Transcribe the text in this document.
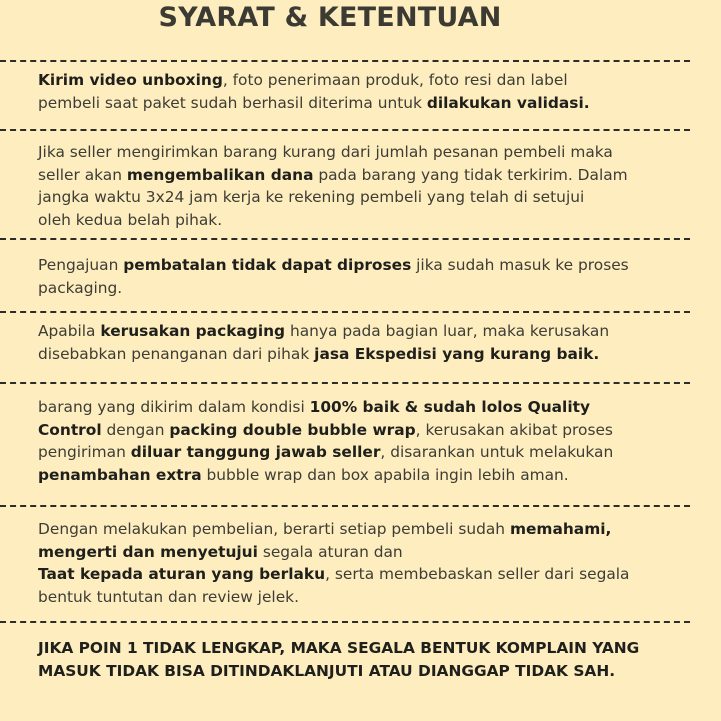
SYARAT & KETENTUAN
Kirim video unboxing, foto penerimaan produk, foto resi dan label
pembeli saat paket sudah berhasil diterima untuk dilakukan validasi.
Jika seller mengirimkan barang kurang dari jumlah pesanan pembeli maka
seller akan mengembalikan dana pada barang yang tidak terkirim. Dalam
jangka waktu 3x24 jam kerja ke rekening pembeli yang telah di setujui
oleh kedua belah pihak.
Pengajuan pembatalan tidak dapat diproses jika sudah masuk ke proses
packaging.
Apabila kerusakan packaging hanya pada bagian luar, maka kerusakan
disebabkan penanganan dari pihak jasa Ekspedisi yang kurang baik.
barang yang dikirim dalam kondisi 100% baik & sudah lolos Quality
Control dengan packing double bubble wrap, kerusakan akibat proses
pengiriman diluar tanggung jawab seller, disarankan untuk melakukan
penambahan extra bubble wrap dan box apabila ingin lebih aman.
Dengan melakukan pembelian, berarti setiap pembeli sudah memahami,
mengerti dan menyetujui segala aturan dan
Taat kepada aturan yang berlaku, serta membebaskan seller dari segala
bentuk tuntutan dan review jelek.
JIKA POIN 1 TIDAK LENGKAP, MAKA SEGALA BENTUK KOMPLAIN YANG
MASUK TIDAK BISA DITINDAKLANJUTI ATAU DIANGGAP TIDAK SAH.
